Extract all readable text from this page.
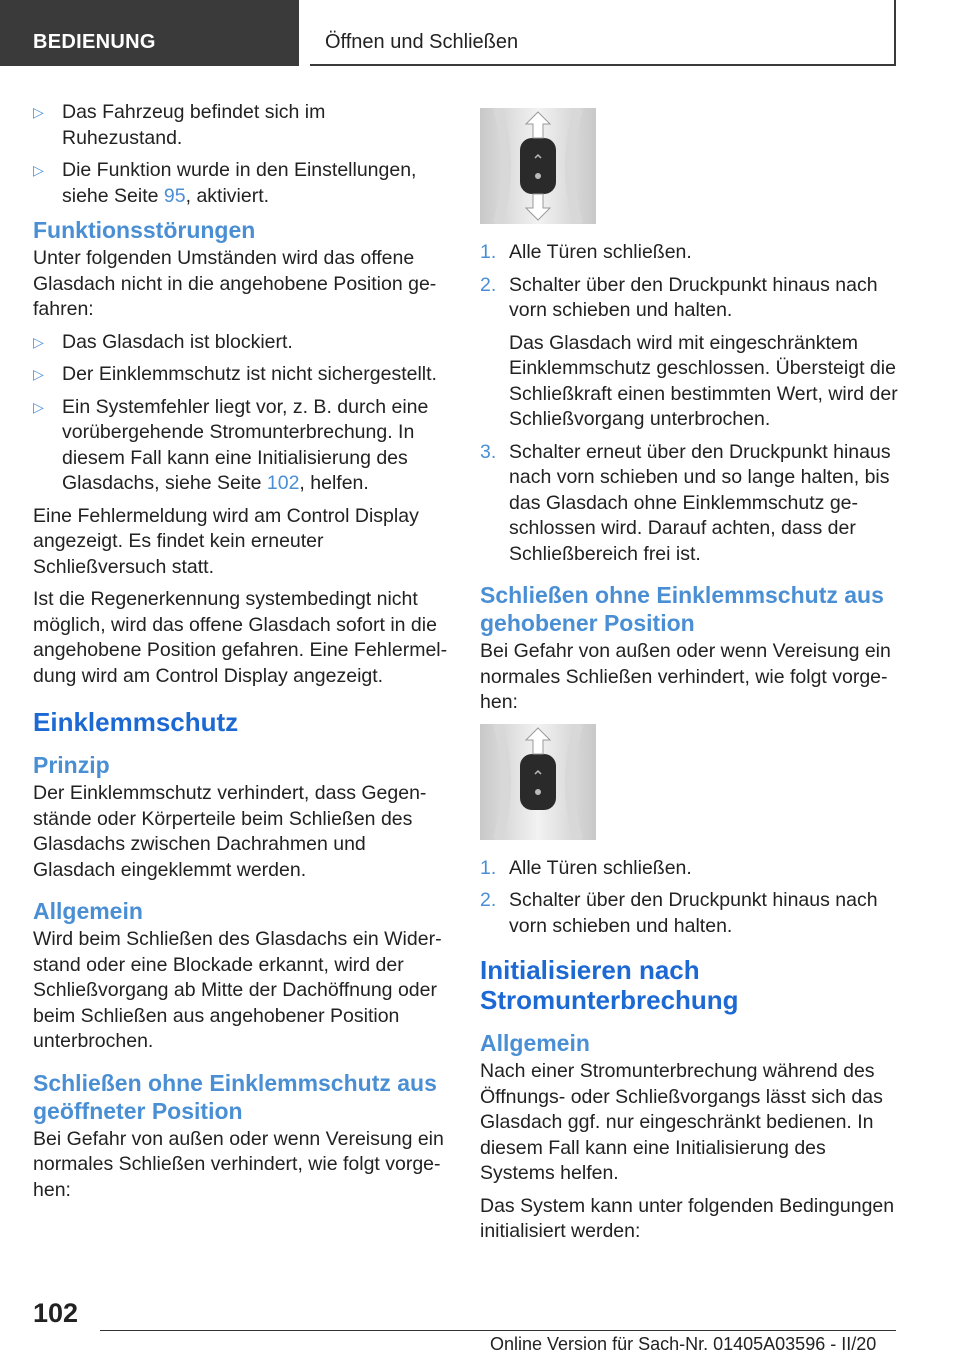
BEDIENUNG	Öffnen und Schließen
▷ Das Fahrzeug befindet sich im Ruhezustand.
▷ Die Funktion wurde in den Einstellungen, siehe Seite 95, aktiviert.
Funktionsstörungen

Unter folgenden Umständen wird das offene Glasdach nicht in die angehobene Position gefahren:

▷ Das Glasdach ist blockiert.
▷ Der Einklemmschutz ist nicht sichergestellt.
▷ Ein Systemfehler liegt vor, z. B. durch eine vorübergehende Stromunterbrechung. In diesem Fall kann eine Initialisierung des Glasdachs, siehe Seite 102, helfen.

Eine Fehlermeldung wird am Control Display angezeigt. Es findet kein erneuter Schließversuch statt.

Ist die Regenerkennung systembedingt nicht möglich, wird das offene Glasdach sofort in die angehobene Position gefahren. Eine Fehlermeldung wird am Control Display angezeigt.

Einklemmschutz
Prinzip

Der Einklemmschutz verhindert, dass Gegenstände oder Körperteile beim Schließen des Glasdachs zwischen Dachrahmen und Glasdach eingeklemmt werden.

Allgemein

Wird beim Schließen des Glasdachs ein Widerstand oder eine Blockade erkannt, wird der Schließvorgang ab Mitte der Dachöffnung oder beim Schließen aus angehobener Position unterbrochen.

Schließen ohne Einklemmschutz aus geöffneter Position

Bei Gefahr von außen oder wenn Vereisung ein normales Schließen verhindert, wie folgt vorgehen:

1. Alle Türen schließen.
2. Schalter über den Druckpunkt hinaus nach vorn schieben und halten.
Das Glasdach wird mit eingeschränktem Einklemmschutz geschlossen. Übersteigt die Schließkraft einen bestimmten Wert, wird der Schließvorgang unterbrochen.
3. Schalter erneut über den Druckpunkt hinaus nach vorn schieben und so lange halten, bis das Glasdach ohne Einklemmschutz geschlossen wird. Darauf achten, dass der Schließbereich frei ist.
Schließen ohne Einklemmschutz aus gehobener Position

Bei Gefahr von außen oder wenn Vereisung ein normales Schließen verhindert, wie folgt vorgehen:

1. Alle Türen schließen.
2. Schalter über den Druckpunkt hinaus nach vorn schieben und halten.
Initialisieren nach Stromunterbrechung
Allgemein

Nach einer Stromunterbrechung während des Öffnungs- oder Schließvorgangs lässt sich das Glasdach ggf. nur eingeschränkt bedienen. In diesem Fall kann eine Initialisierung des Systems helfen.

Das System kann unter folgenden Bedingungen initialisiert werden:

102
Online Version für Sach-Nr. 01405A03596 - II/20
